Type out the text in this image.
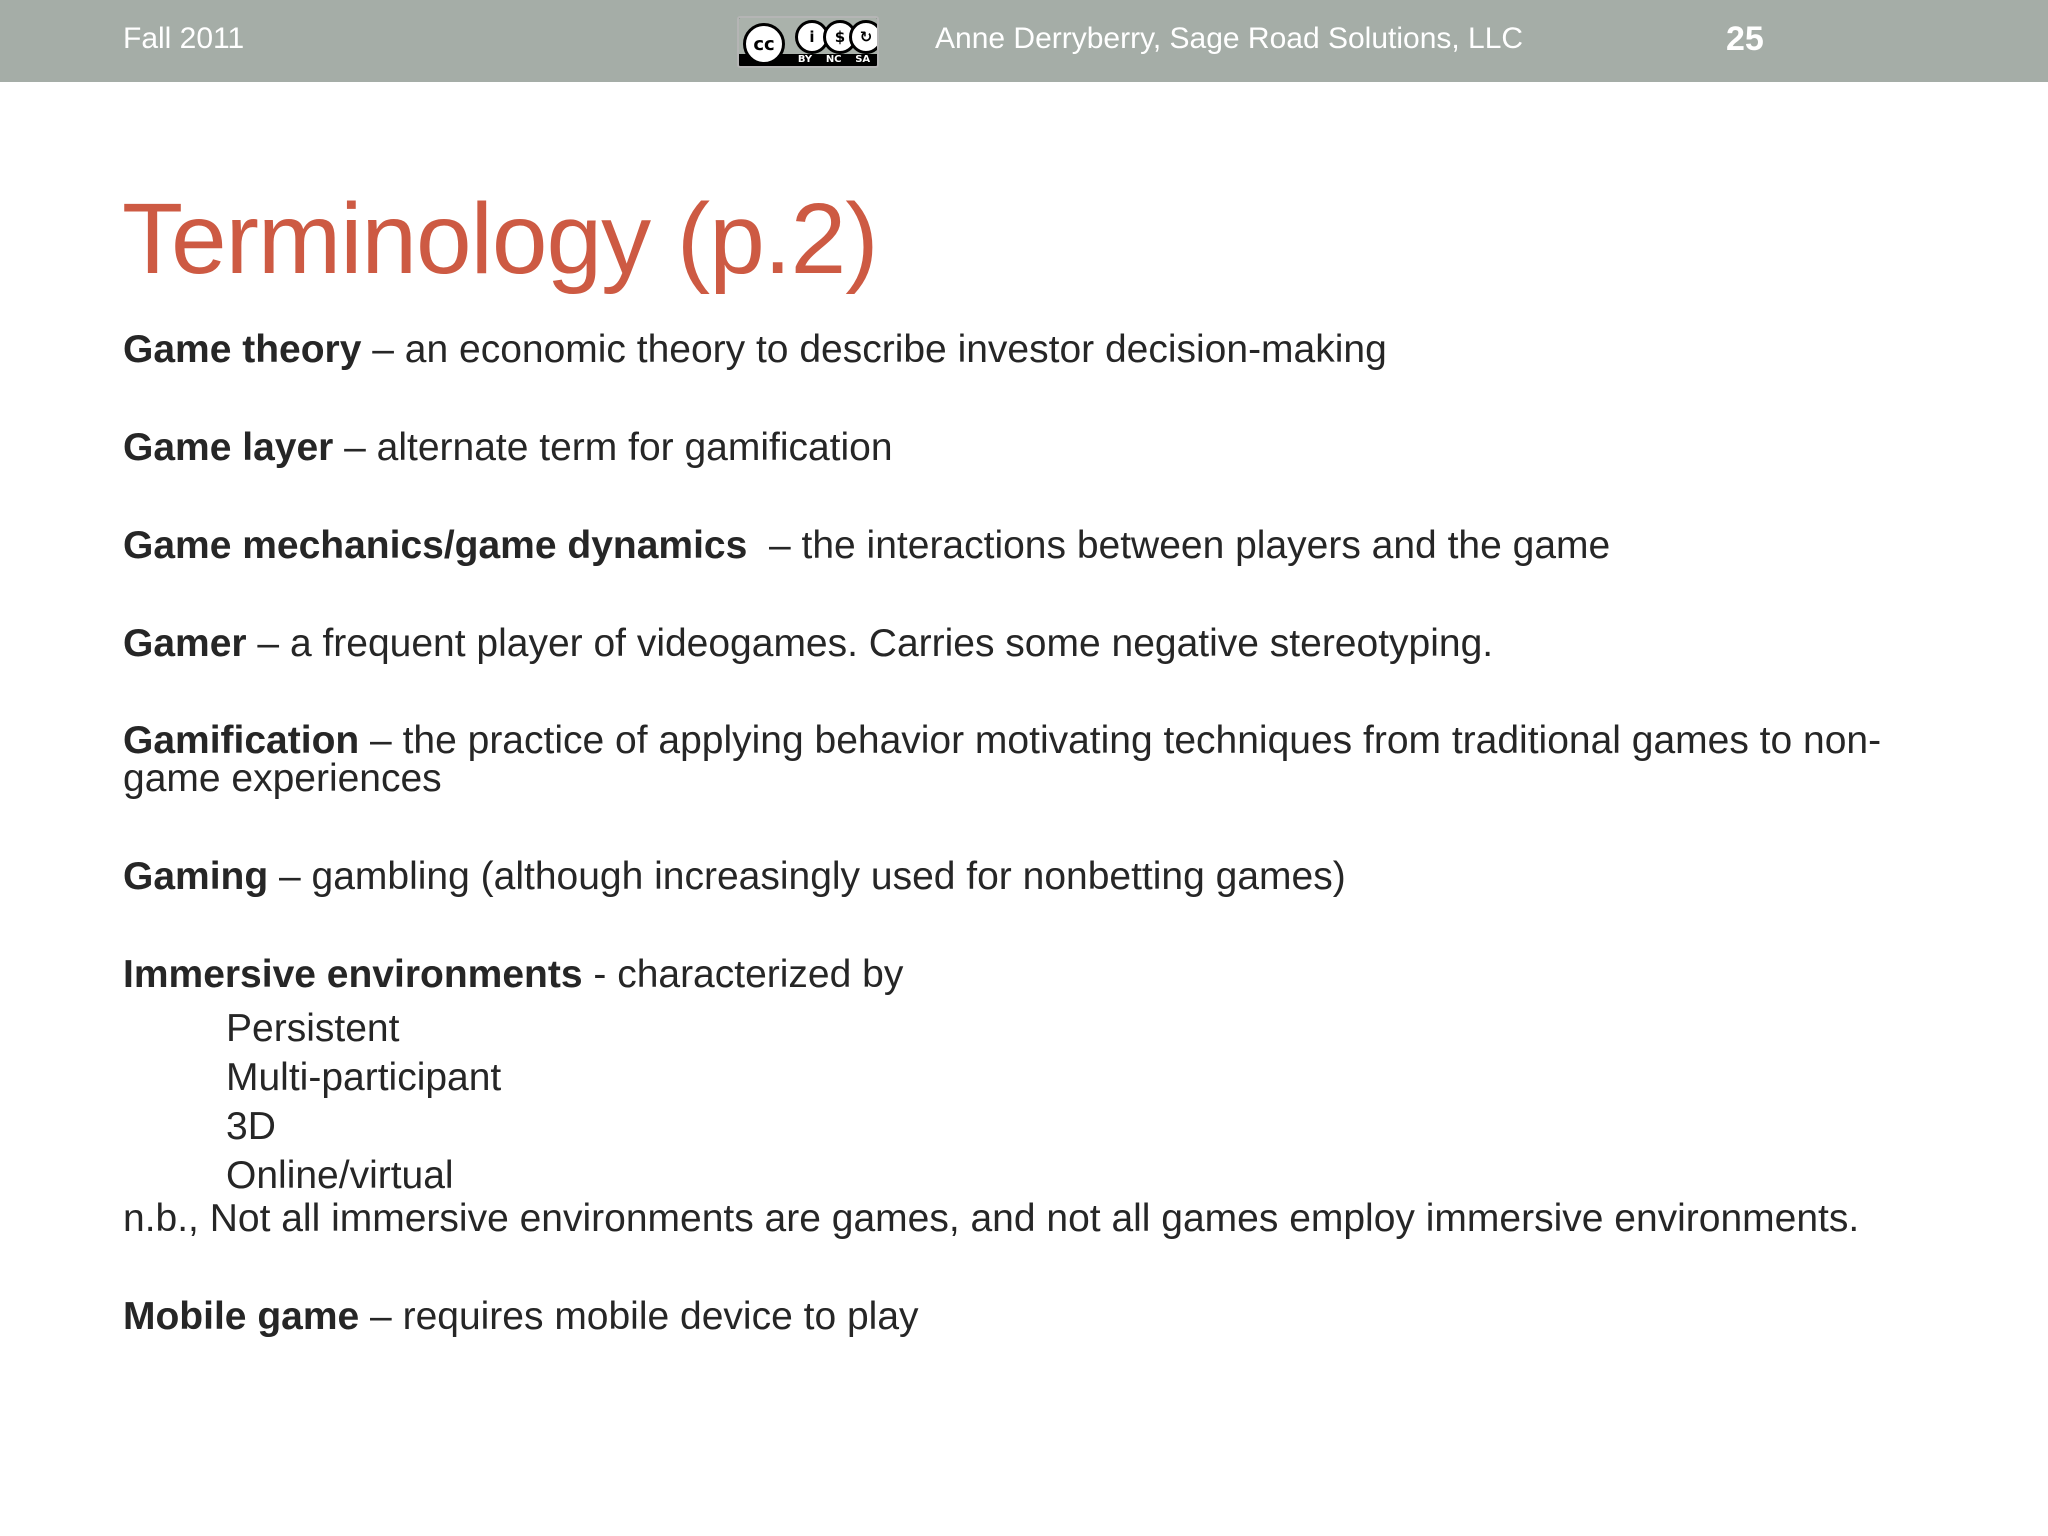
Fall 2011	cc	i	$ ↻
BY NC SA
Anne Derryberry, Sage Road Solutions, LLC	25
Terminology (p.2)

Game theory – an economic theory to describe investor decision-making

Game layer – alternate term for gamification

Game mechanics/game dynamics  – the interactions between players and the game

Gamer – a frequent player of videogames. Carries some negative stereotyping.

Gamification – the practice of applying behavior motivating techniques from traditional games to non-game experiences

Gaming – gambling (although increasingly used for nonbetting games)

Immersive environments - characterized by

Persistent
Multi-participant
3D
Online/virtual

n.b., Not all immersive environments are games, and not all games employ immersive environments.

Mobile game – requires mobile device to play
